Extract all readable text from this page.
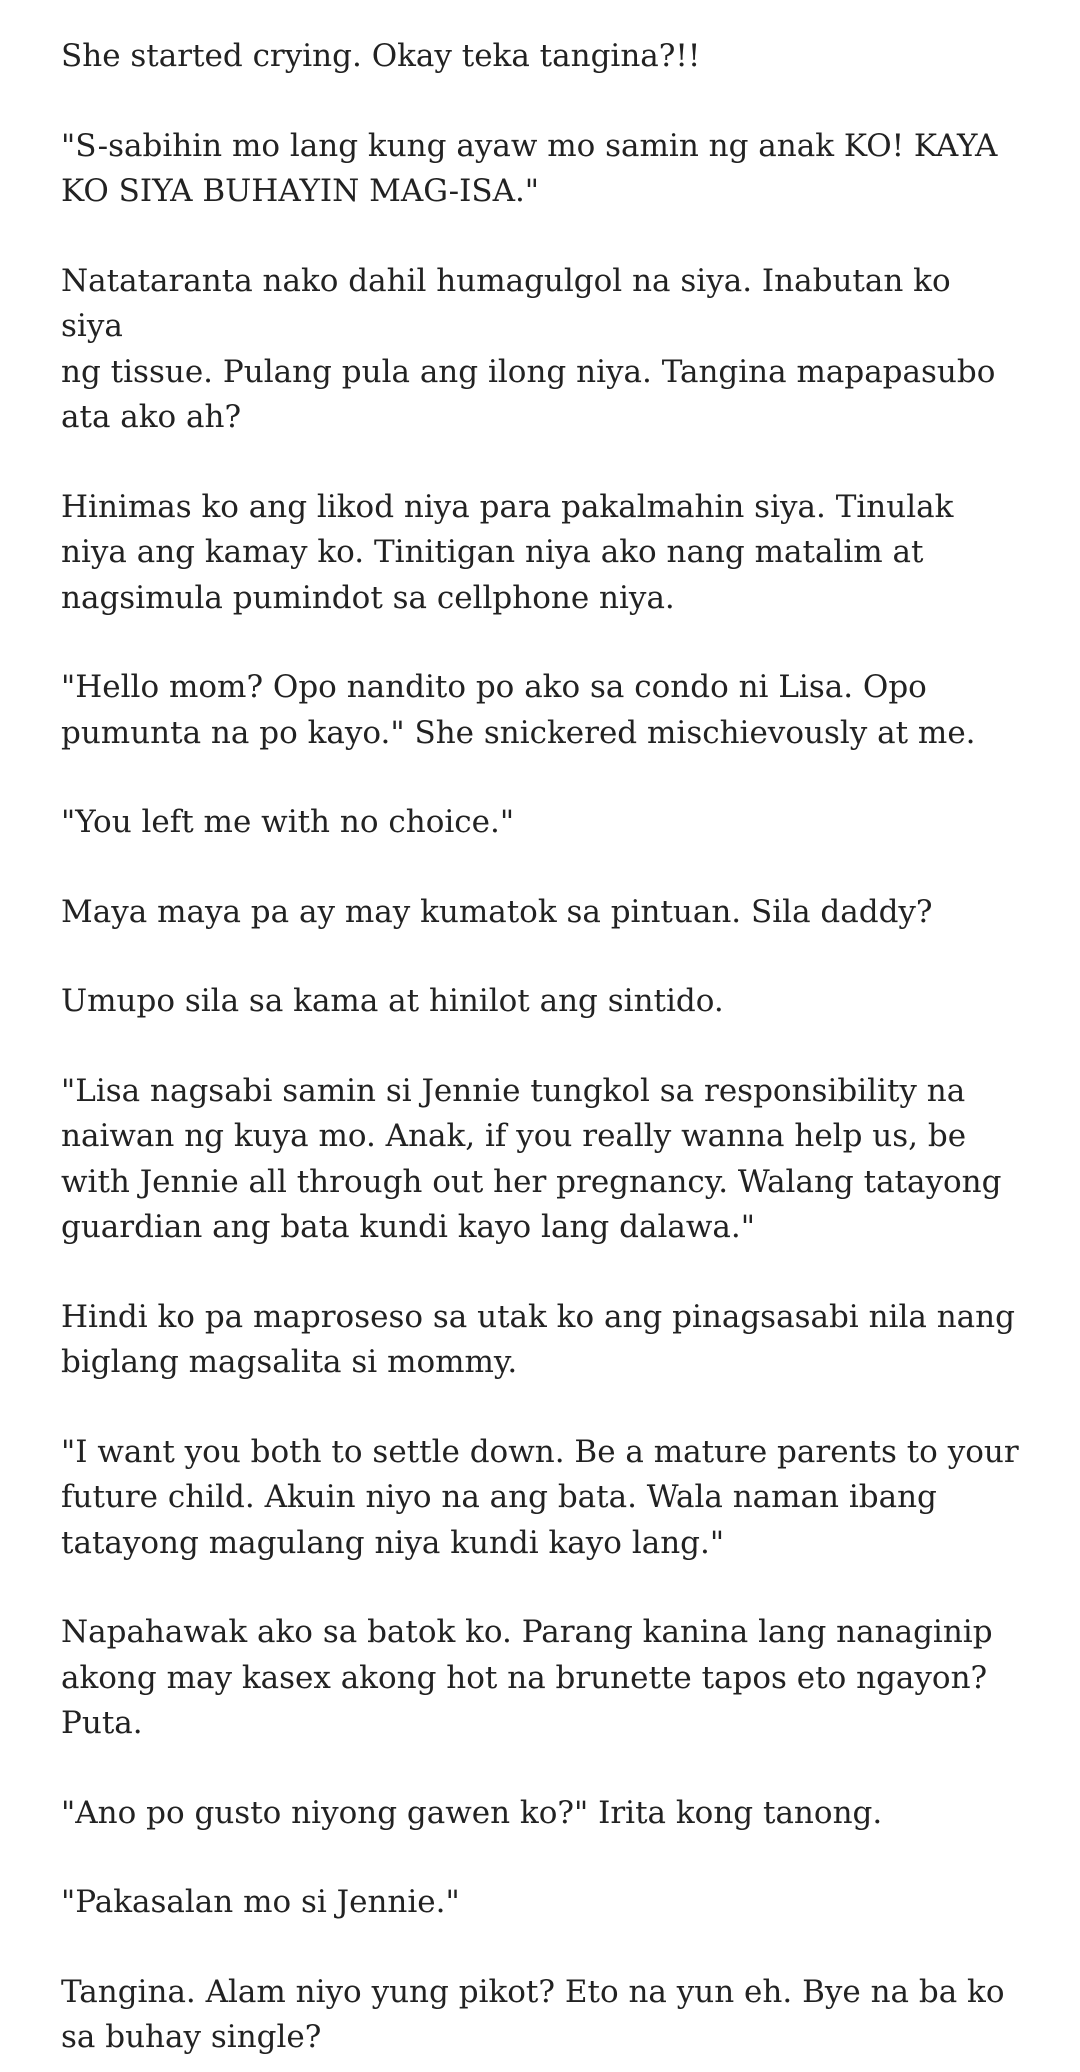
She started crying. Okay teka tangina?!!

"S-sabihin mo lang kung ayaw mo samin ng anak KO! KAYA
KO SIYA BUHAYIN MAG-ISA."

Natataranta nako dahil humagulgol na siya. Inabutan ko siya
ng tissue. Pulang pula ang ilong niya. Tangina mapapasubo
ata ako ah?

Hinimas ko ang likod niya para pakalmahin siya. Tinulak
niya ang kamay ko. Tinitigan niya ako nang matalim at
nagsimula pumindot sa cellphone niya.

"Hello mom? Opo nandito po ako sa condo ni Lisa. Opo
pumunta na po kayo." She snickered mischievously at me.

"You left me with no choice."

Maya maya pa ay may kumatok sa pintuan. Sila daddy?

Umupo sila sa kama at hinilot ang sintido.

"Lisa nagsabi samin si Jennie tungkol sa responsibility na
naiwan ng kuya mo. Anak, if you really wanna help us, be
with Jennie all through out her pregnancy. Walang tatayong
guardian ang bata kundi kayo lang dalawa."

Hindi ko pa maproseso sa utak ko ang pinagsasabi nila nang
biglang magsalita si mommy.

"I want you both to settle down. Be a mature parents to your
future child. Akuin niyo na ang bata. Wala naman ibang
tatayong magulang niya kundi kayo lang."

Napahawak ako sa batok ko. Parang kanina lang nanaginip
akong may kasex akong hot na brunette tapos eto ngayon?
Puta.

"Ano po gusto niyong gawen ko?" Irita kong tanong.

"Pakasalan mo si Jennie."

Tangina. Alam niyo yung pikot? Eto na yun eh. Bye na ba ko
sa buhay single?
